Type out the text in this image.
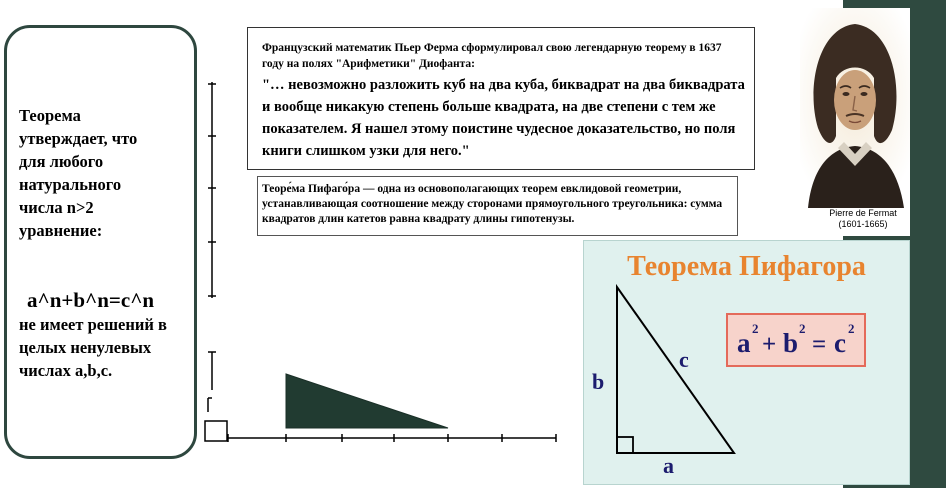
Теорема
утверждает, что
для любого
натурального
числа n>2
уравнение:
a^n+b^n=c^n
не имеет решений в
целых ненулевых
числах a,b,c.
Французский математик Пьер Ферма сформулировал свою легендарную теорему в 1637 году на полях "Арифметики" Диофанта:
"… невозможно разложить куб на два куба, биквадрат на два биквадрата и вообще никакую степень больше квадрата, на две степени с тем же показателем. Я нашел этому поистине чудесное доказательство, но поля книги слишком узки для него."
Теоре́ма Пифаго́ра — одна из основополагающих теорем евклидовой геометрии, устанавливающая соотношение между сторонами прямоугольного треугольника: сумма квадратов длин катетов равна квадрату длины гипотенузы.	Pierre de Fermat
(1601-1665)
Теорема Пифагора
b
c
a
a 2
+ b 2
= c 2
